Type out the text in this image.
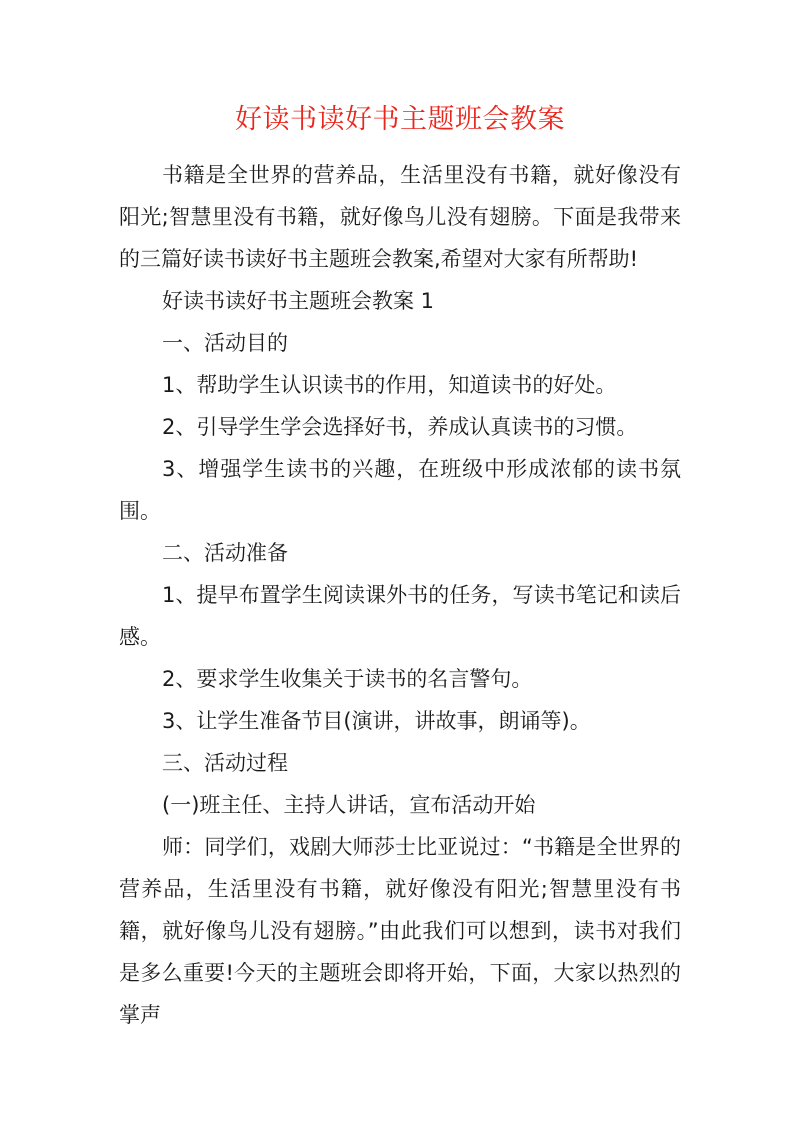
好读书读好书主题班会教案

书籍是全世界的营养品，生活里没有书籍，就好像没有阳光;智慧里没有书籍，就好像鸟儿没有翅膀。下面是我带来的三篇好读书读好书主题班会教案,希望对大家有所帮助!

好读书读好书主题班会教案 1

一、活动目的

1、帮助学生认识读书的作用，知道读书的好处。

2、引导学生学会选择好书，养成认真读书的习惯。

3、增强学生读书的兴趣，在班级中形成浓郁的读书氛围。

二、活动准备

1、提早布置学生阅读课外书的任务，写读书笔记和读后感。

2、要求学生收集关于读书的名言警句。

3、让学生准备节目(演讲，讲故事，朗诵等)。

三、活动过程

(一)班主任、主持人讲话，宣布活动开始

师：同学们，戏剧大师莎士比亚说过：“书籍是全世界的营养品，生活里没有书籍，就好像没有阳光;智慧里没有书籍，就好像鸟儿没有翅膀。”由此我们可以想到，读书对我们是多么重要!今天的主题班会即将开始，下面，大家以热烈的掌声
